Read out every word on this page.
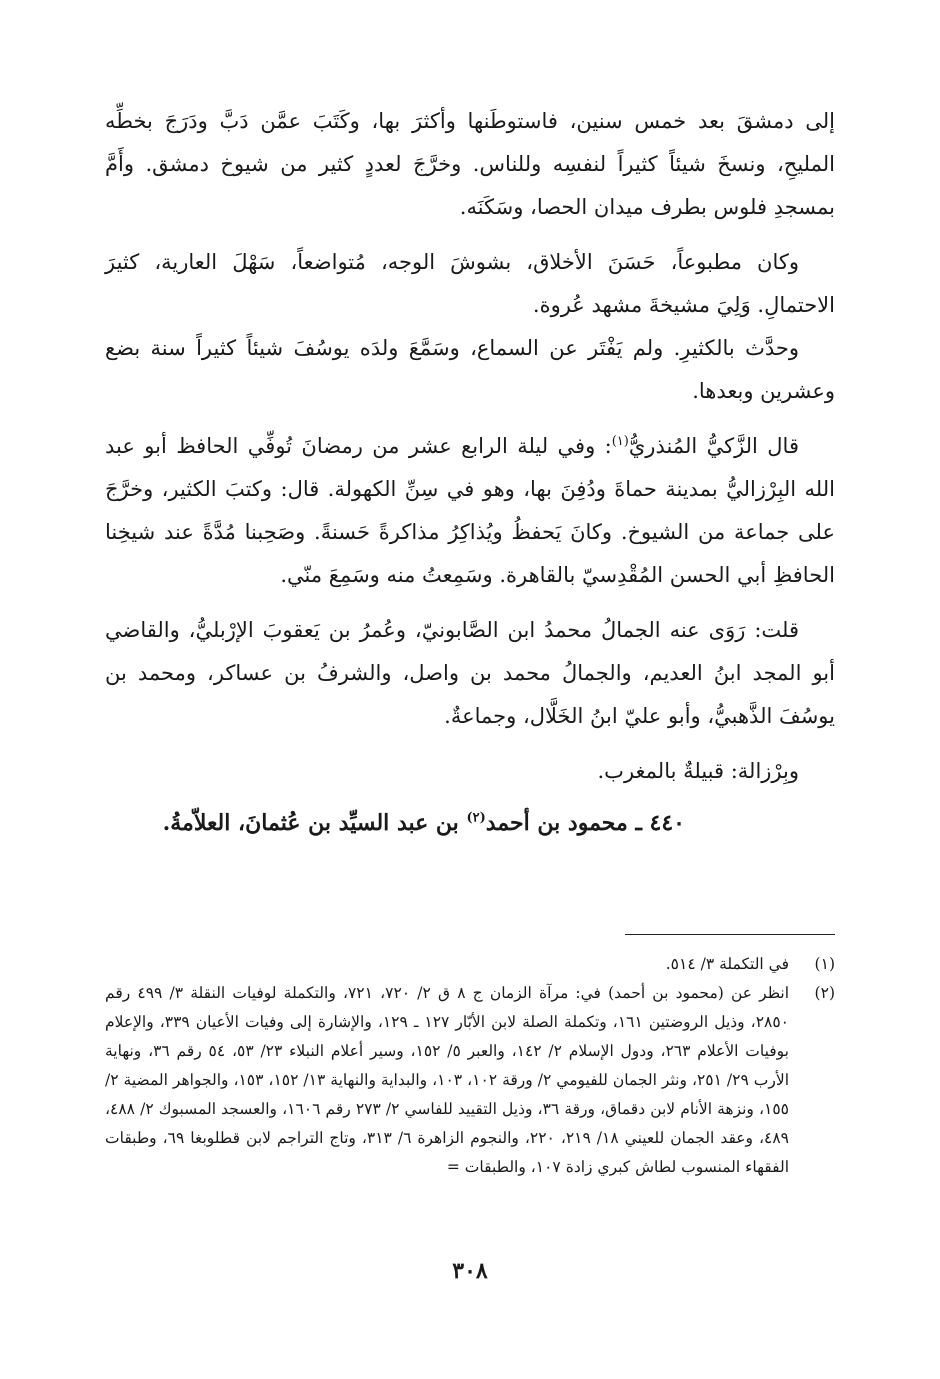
إلى دمشقَ بعد خمس سنين، فاستوطَنها وأكثرَ بها، وكَتَبَ عمَّن دَبَّ ودَرَجَ بخطِّه المليحِ، ونسخَ شيئاً كثيراً لنفسِه وللناس. وخرَّجَ لعددٍ كثير من شيوخ دمشق. وأَمَّ بمسجدِ فلوس بطرف ميدان الحصا، وسَكَنَه.

وكان مطبوعاً، حَسَنَ الأخلاق، بشوشَ الوجه، مُتواضعاً، سَهْلَ العارية، كثيرَ الاحتمالِ. وَلِيَ مشيخةَ مشهد عُروة.

وحدَّث بالكثيرِ. ولم يَفْتَر عن السماع، وسَمَّعَ ولدَه يوسُفَ شيئاً كثيراً سنة بضع وعشرين وبعدها.

قال الزَّكيُّ المُنذريُّ$^{(١)}$: وفي ليلة الرابع عشر من رمضانَ تُوفِّي الحافظ أبو عبد الله البِرْزاليُّ بمدينة حماةَ ودُفِنَ بها، وهو في سِنِّ الكهولة. قال: وكتبَ الكثير، وخرَّجَ على جماعة من الشيوخ. وكانَ يَحفظُ ويُذاكِرُ مذاكرةً حَسنةً. وصَحِبنا مُدَّةً عند شيخِنا الحافظِ أبي الحسن المُقْدِسيّ بالقاهرة. وسَمِعتُ منه وسَمِعَ منّي.

قلت: رَوَى عنه الجمالُ محمدُ ابن الصَّابونيّ، وعُمرُ بن يَعقوبَ الإرْبليُّ، والقاضي أبو المجد ابنُ العديم، والجمالُ محمد بن واصل، والشرفُ بن عساكر، ومحمد بن يوسُفَ الذَّهبيُّ، وأبو عليّ ابنُ الخَلَّال، وجماعةٌ.

وبِرْزالة: قبيلةٌ بالمغرب.

٤٤٠ ـ محمود بن أحمد$^{(٢)}$ بن عبد السيِّد بن عُثمانَ، العلاّمةُ.

(١)
في التكملة ٣/ ٥١٤.
(٢)
انظر عن (محمود بن أحمد) في: مرآة الزمان ج ٨ ق ٢/ ٧٢٠، ٧٢١، والتكملة لوفيات النقلة ٣/ ٤٩٩ رقم ٢٨٥٠، وذيل الروضتين ١٦١، وتكملة الصلة لابن الأبّار ١٢٧ ـ ١٢٩، والإشارة إلى وفيات الأعيان ٣٣٩، والإعلام بوفيات الأعلام ٢٦٣، ودول الإسلام ٢/ ١٤٢، والعبر ٥/ ١٥٢، وسير أعلام النبلاء ٢٣/ ٥٣، ٥٤ رقم ٣٦، ونهاية الأرب ٢٩/ ٢٥١، ونثر الجمان للفيومي ٢/ ورقة ١٠٢، ١٠٣، والبداية والنهاية ١٣/ ١٥٢، ١٥٣، والجواهر المضية ٢/ ١٥٥، ونزهة الأنام لابن دقماق، ورقة ٣٦، وذيل التقييد للفاسي ٢/ ٢٧٣ رقم ١٦٠٦، والعسجد المسبوك ٢/ ٤٨٨، ٤٨٩، وعقد الجمان للعيني ١٨/ ٢١٩، ٢٢٠، والنجوم الزاهرة ٦/ ٣١٣، وتاج التراجم لابن قطلوبغا ٦٩، وطبقات الفقهاء المنسوب لطاش كبري زادة ١٠٧، والطبقات =
٣٠٨
